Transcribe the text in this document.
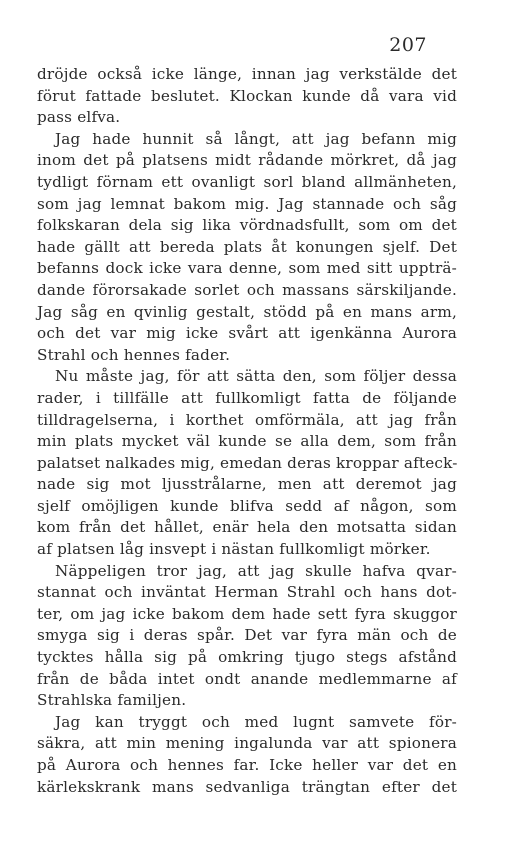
207
dröjde också icke länge, innan jag verkstälde det
förut fattade beslutet. Klockan kunde då vara vid
pass elfva.
Jag hade hunnit så långt, att jag befann mig
inom det på platsens midt rådande mörkret, då jag
tydligt förnam ett ovanligt sorl bland allmänheten,
som jag lemnat bakom mig. Jag stannade och såg
folkskaran dela sig lika vördnadsfullt, som om det
hade gällt att bereda plats åt konungen sjelf. Det
befanns dock icke vara denne, som med sitt uppträ-
dande förorsakade sorlet och massans särskiljande.
Jag såg en qvinlig gestalt, stödd på en mans arm,
och det var mig icke svårt att igenkänna Aurora
Strahl och hennes fader.
Nu måste jag, för att sätta den, som följer dessa
rader, i tillfälle att fullkomligt fatta de följande
tilldragelserna, i korthet omförmäla, att jag från
min plats mycket väl kunde se alla dem, som från
palatset nalkades mig, emedan deras kroppar afteck-
nade sig mot ljusstrålarne, men att deremot jag
sjelf omöjligen kunde blifva sedd af någon, som
kom från det hållet, enär hela den motsatta sidan
af platsen låg insvept i nästan fullkomligt mörker.
Näppeligen tror jag, att jag skulle hafva qvar-
stannat och inväntat Herman Strahl och hans dot-
ter, om jag icke bakom dem hade sett fyra skuggor
smyga sig i deras spår. Det var fyra män och de
tycktes hålla sig på omkring tjugo stegs afstånd
från de båda intet ondt anande medlemmarne af
Strahlska familjen.
Jag kan tryggt och med lugnt samvete för-
säkra, att min mening ingalunda var att spionera
på Aurora och hennes far. Icke heller var det en
kärlekskrank mans sedvanliga trängtan efter det
